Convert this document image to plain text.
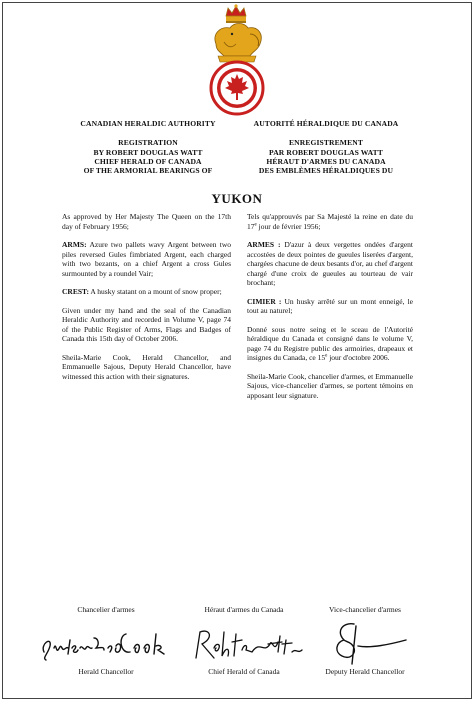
CANADIAN HERALDIC AUTHORITY
REGISTRATION
BY ROBERT DOUGLAS WATT
CHIEF HERALD OF CANADA
OF THE ARMORIAL BEARINGS OF
AUTORITÉ HÉRALDIQUE DU CANADA
ENREGISTREMENT
PAR ROBERT DOUGLAS WATT
HÉRAUT D'ARMES DU CANADA
DES EMBLÈMES HÉRALDIQUES DU
YUKON

As approved by Her Majesty The Queen on the 17th day of February 1956;

ARMS: Azure two pallets wavy Argent between two piles reversed Gules fimbriated Argent, each charged with two bezants, on a chief Argent a cross Gules surmounted by a roundel Vair;

CREST: A husky statant on a mount of snow proper;

Given under my hand and the seal of the Canadian Heraldic Authority and recorded in Volume V, page 74 of the Public Register of Arms, Flags and Badges of Canada this 15th day of October 2006.

Sheila-Marie Cook, Herald Chancellor, and Emmanuelle Sajous, Deputy Herald Chancellor, have witnessed this action with their signatures.

Tels qu'approuvés par Sa Majesté la reine en date du 17e jour de février 1956;

ARMES : D'azur à deux vergettes ondées d'argent accostées de deux pointes de gueules liserées d'argent, chargées chacune de deux besants d'or, au chef d'argent chargé d'une croix de gueules au tourteau de vair brochant;

CIMIER : Un husky arrêté sur un mont enneigé, le tout au naturel;

Donné sous notre seing et le sceau de l'Autorité héraldique du Canada et consigné dans le volume V, page 74 du Registre public des armoiries, drapeaux et insignes du Canada, ce 15e jour d'octobre 2006.

Sheila-Marie Cook, chancelier d'armes, et Emmanuelle Sajous, vice-chancelier d'armes, se portent témoins en apposant leur signature.

Chancelier d'armes	Héraut d'armes du Canada	Vice-chancelier d'armes
Herald Chancellor	Chief Herald of Canada	Deputy Herald Chancellor
